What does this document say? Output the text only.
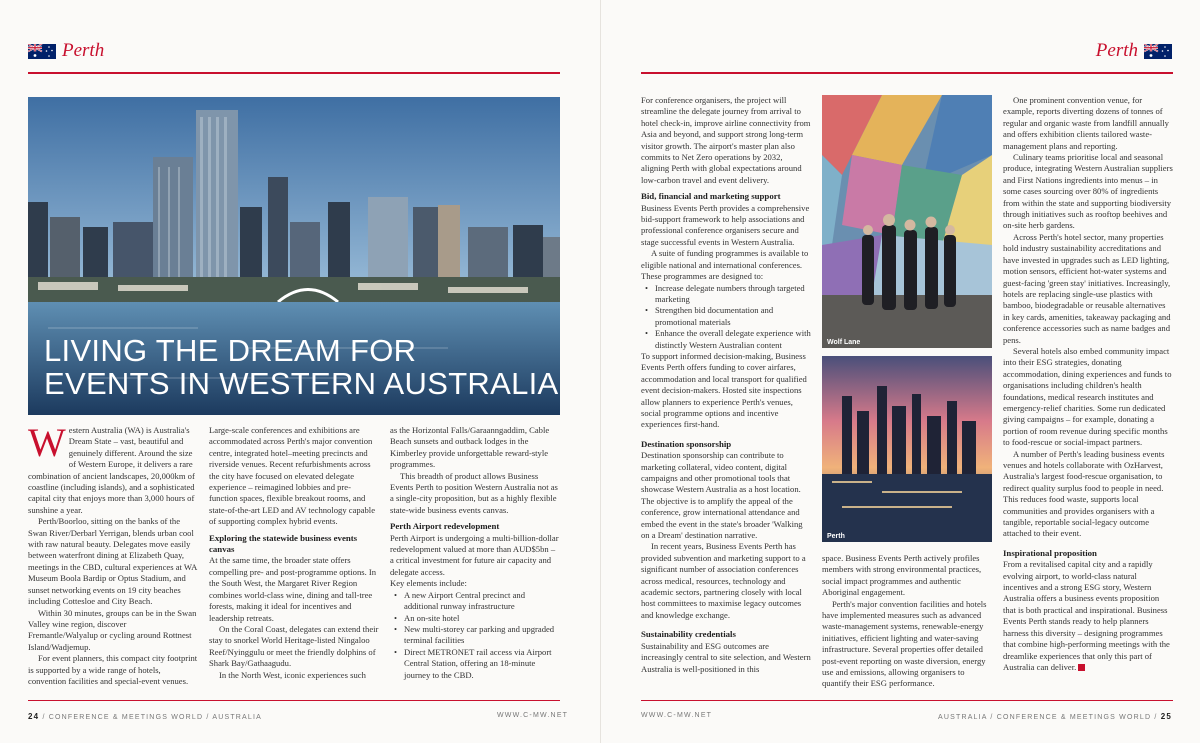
Perth
LIVING THE DREAM FOR
EVENTS IN WESTERN AUSTRALIA

Western Australia (WA) is Australia's Dream State – vast, beautiful and genuinely different. Around the size of Western Europe, it delivers a rare combination of ancient landscapes, 20,000km of coastline (including islands), and a sophisticated capital city that enjoys more than 3,000 hours of sunshine a year.

Perth/Boorloo, sitting on the banks of the Swan River/Derbarl Yerrigan, blends urban cool with raw natural beauty. Delegates move easily between waterfront dining at Elizabeth Quay, meetings in the CBD, cultural experiences at WA Museum Boola Bardip or Optus Stadium, and sunset networking events on 19 city beaches including Cottesloe and City Beach.

Within 30 minutes, groups can be in the Swan Valley wine region, discover Fremantle/Walyalup or cycling around Rottnest Island/Wadjemup.

For event planners, this compact city footprint is supported by a wide range of hotels, convention facilities and special-event venues.

Large-scale conferences and exhibitions are accommodated across Perth's major convention centre, integrated hotel–meeting precincts and riverside venues. Recent refurbishments across the city have focused on elevated delegate experience – reimagined lobbies and pre-function spaces, flexible breakout rooms, and state-of-the-art LED and AV technology capable of supporting complex hybrid events.

Exploring the statewide business events canvas

At the same time, the broader state offers compelling pre- and post-programme options. In the South West, the Margaret River Region combines world-class wine, dining and tall-tree forests, making it ideal for incentives and leadership retreats.

On the Coral Coast, delegates can extend their stay to snorkel World Heritage-listed Ningaloo Reef/Nyinggulu or meet the friendly dolphins of Shark Bay/Gathaagudu.

In the North West, iconic experiences such

as the Horizontal Falls/Garaanngaddim, Cable Beach sunsets and outback lodges in the Kimberley provide unforgettable reward-style programmes.

This breadth of product allows Business Events Perth to position Western Australia not as a single-city proposition, but as a highly flexible state-wide business events canvas.

Perth Airport redevelopment

Perth Airport is undergoing a multi-billion-dollar redevelopment valued at more than AUD$5bn – a critical investment for future air capacity and delegate access.

Key elements include:

• A new Airport Central precinct and additional runway infrastructure
• An on-site hotel
• New multi-storey car parking and upgraded terminal facilities
• Direct METRONET rail access via Airport Central Station, offering an 18-minute journey to the CBD.
24 / CONFERENCE & MEETINGS WORLD / AUSTRALIA	WWW.C-MW.NET
Perth

For conference organisers, the project will streamline the delegate journey from arrival to hotel check-in, improve airline connectivity from Asia and beyond, and support strong long-term visitor growth. The airport's master plan also commits to Net Zero operations by 2032, aligning Perth with global expectations around low-carbon travel and event delivery.

Bid, financial and marketing support

Business Events Perth provides a comprehensive bid-support framework to help associations and professional conference organisers secure and stage successful events in Western Australia.

A suite of funding programmes is available to eligible national and international conferences. These programmes are designed to:

• Increase delegate numbers through targeted marketing
• Strengthen bid documentation and promotional materials
• Enhance the overall delegate experience with distinctly Western Australian content

To support informed decision-making, Business Events Perth offers funding to cover airfares, accommodation and local transport for qualified event decision-makers. Hosted site inspections allow planners to experience Perth's venues, social programme options and incentive experiences first-hand.

Destination sponsorship

Destination sponsorship can contribute to marketing collateral, video content, digital campaigns and other promotional tools that showcase Western Australia as a host location. The objective is to amplify the appeal of the conference, grow international attendance and embed the event in the state's broader 'Walking on a Dream' destination narrative.

In recent years, Business Events Perth has provided subvention and marketing support to a significant number of association conferences across medical, resources, technology and academic sectors, partnering closely with local host committees to maximise legacy outcomes and knowledge exchange.

Sustainability credentials

Sustainability and ESG outcomes are increasingly central to site selection, and Western Australia is well-positioned in this

Wolf Lane
Perth

space. Business Events Perth actively profiles members with strong environmental practices, social impact programmes and authentic Aboriginal engagement.

Perth's major convention facilities and hotels have implemented measures such as advanced waste-management systems, renewable-energy initiatives, efficient lighting and water-saving infrastructure. Several properties offer detailed post-event reporting on waste diversion, energy use and emissions, allowing organisers to quantify their ESG performance.

One prominent convention venue, for example, reports diverting dozens of tonnes of regular and organic waste from landfill annually and offers exhibition clients tailored waste-management plans and reporting.

Culinary teams prioritise local and seasonal produce, integrating Western Australian suppliers and First Nations ingredients into menus – in some cases sourcing over 80% of ingredients from within the state and supporting biodiversity through initiatives such as rooftop beehives and on-site herb gardens.

Across Perth's hotel sector, many properties hold industry sustainability accreditations and have invested in upgrades such as LED lighting, motion sensors, efficient hot-water systems and guest-facing 'green stay' initiatives. Increasingly, hotels are replacing single-use plastics with bamboo, biodegradable or reusable alternatives in key cards, amenities, takeaway packaging and conference accessories such as name badges and pens.

Several hotels also embed community impact into their ESG strategies, donating accommodation, dining experiences and funds to organisations including children's health foundations, medical research institutes and emergency-relief charities. Some run dedicated giving campaigns – for example, donating a portion of room revenue during specific months to food-rescue or social-impact partners.

A number of Perth's leading business events venues and hotels collaborate with OzHarvest, Australia's largest food-rescue organisation, to redirect quality surplus food to people in need. This reduces food waste, supports local communities and provides organisers with a tangible, reportable social-legacy outcome attached to their event.

Inspirational proposition

From a revitalised capital city and a rapidly evolving airport, to world-class natural incentives and a strong ESG story, Western Australia offers a business events proposition that is both practical and inspirational. Business Events Perth stands ready to help planners harness this diversity – designing programmes that combine high-performing meetings with the dreamlike experiences that only this part of Australia can deliver.

WWW.C-MW.NET	AUSTRALIA / CONFERENCE & MEETINGS WORLD / 25
